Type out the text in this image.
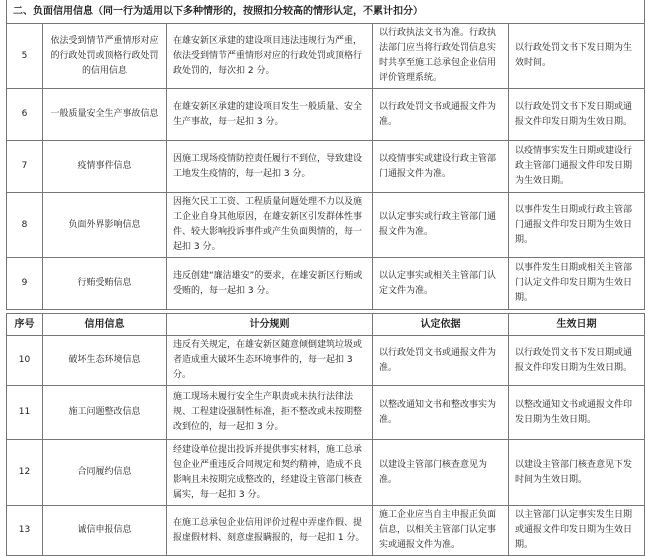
二、负面信用信息（同一行为适用以下多种情形的，按照扣分较高的情形认定，不累计扣分）				
5	依法受到情节严重情形对应的行政处罚或顶格行政处罚的信用信息	在雄安新区承建的建设项目违法违规行为严重，依法受到情节严重情形对应的行政处罚或顶格行政处罚的，每次扣 2 分。	以行政执法文书为准。行政执法部门应当将行政处罚信息实时共享至施工总承包企业信用评价管理系统。	以行政处罚文书下发日期为生效时间。
6	一般质量安全生产事故信息	在雄安新区承建的建设项目发生一般质量、安全生产事故，每一起扣 3 分。	以行政处罚文书或通报文件为准。	以行政处罚文书下发日期或通报文件印发日期为生效日期。
7	疫情事件信息	因施工现场疫情防控责任履行不到位，导致建设工地发生疫情的，每一起扣 3 分。	以疫情事实或建设行政主管部门通报文件为准。	以疫情事实发生日期或建设行政主管部门通报文件印发日期为生效日期。
8	负面外界影响信息	因拖欠民工工资、工程质量问题处理不力以及施工企业自身其他原因，在雄安新区引发群体性事件、较大影响投诉事件或产生负面舆情的，每一起扣 3 分。	以认定事实或行政主管部门通报文件为准。	以事件发生日期或行政主管部门通报文件印发日期为生效日期。
9	行贿受贿信息	违反创建“廉洁雄安”的要求，在雄安新区行贿或受贿的，每一起扣 3 分。	以认定事实或相关主管部门认定文件为准。	以事件发生日期或相关主管部门认定文件印发日期为生效日期。
序号	信用信息	计分规则	认定依据	生效日期
10	破坏生态环境信息	违反有关规定，在雄安新区随意倾倒建筑垃圾或者造成重大破坏生态环境事件的，每一起扣 3 分。	以行政处罚文书或通报文件为准。	以行政处罚文书下发日期或通报文件印发日期为生效日期。
11	施工问题整改信息	施工现场未履行安全生产职责或未执行法律法规、工程建设强制性标准，拒不整改或未按期整改到位的，每一起扣 3 分。	以整改通知文书和整改事实为准。	以整改通知文书或通报文件印发日期为生效日期。
12	合同履约信息	经建设单位提出投诉并提供事实材料，施工总承包企业严重违反合同规定和契约精神，造成不良影响且未按期完成整改的，经建设主管部门核查属实，每一起扣 3 分。	以建设主管部门核查意见为准。	以建设主管部门核查意见下发时间为生效日期。
13	诚信申报信息	在施工总承包企业信用评价过程中弄虚作假、提报虚假材料、刻意虚报瞒报的，每一起扣 1 分。	施工企业应当自主申报正负面信息，以相关主管部门认定事实或通报文件为准。	以主管部门认定事实发生日期或通报文件印发日期为生效日期。
